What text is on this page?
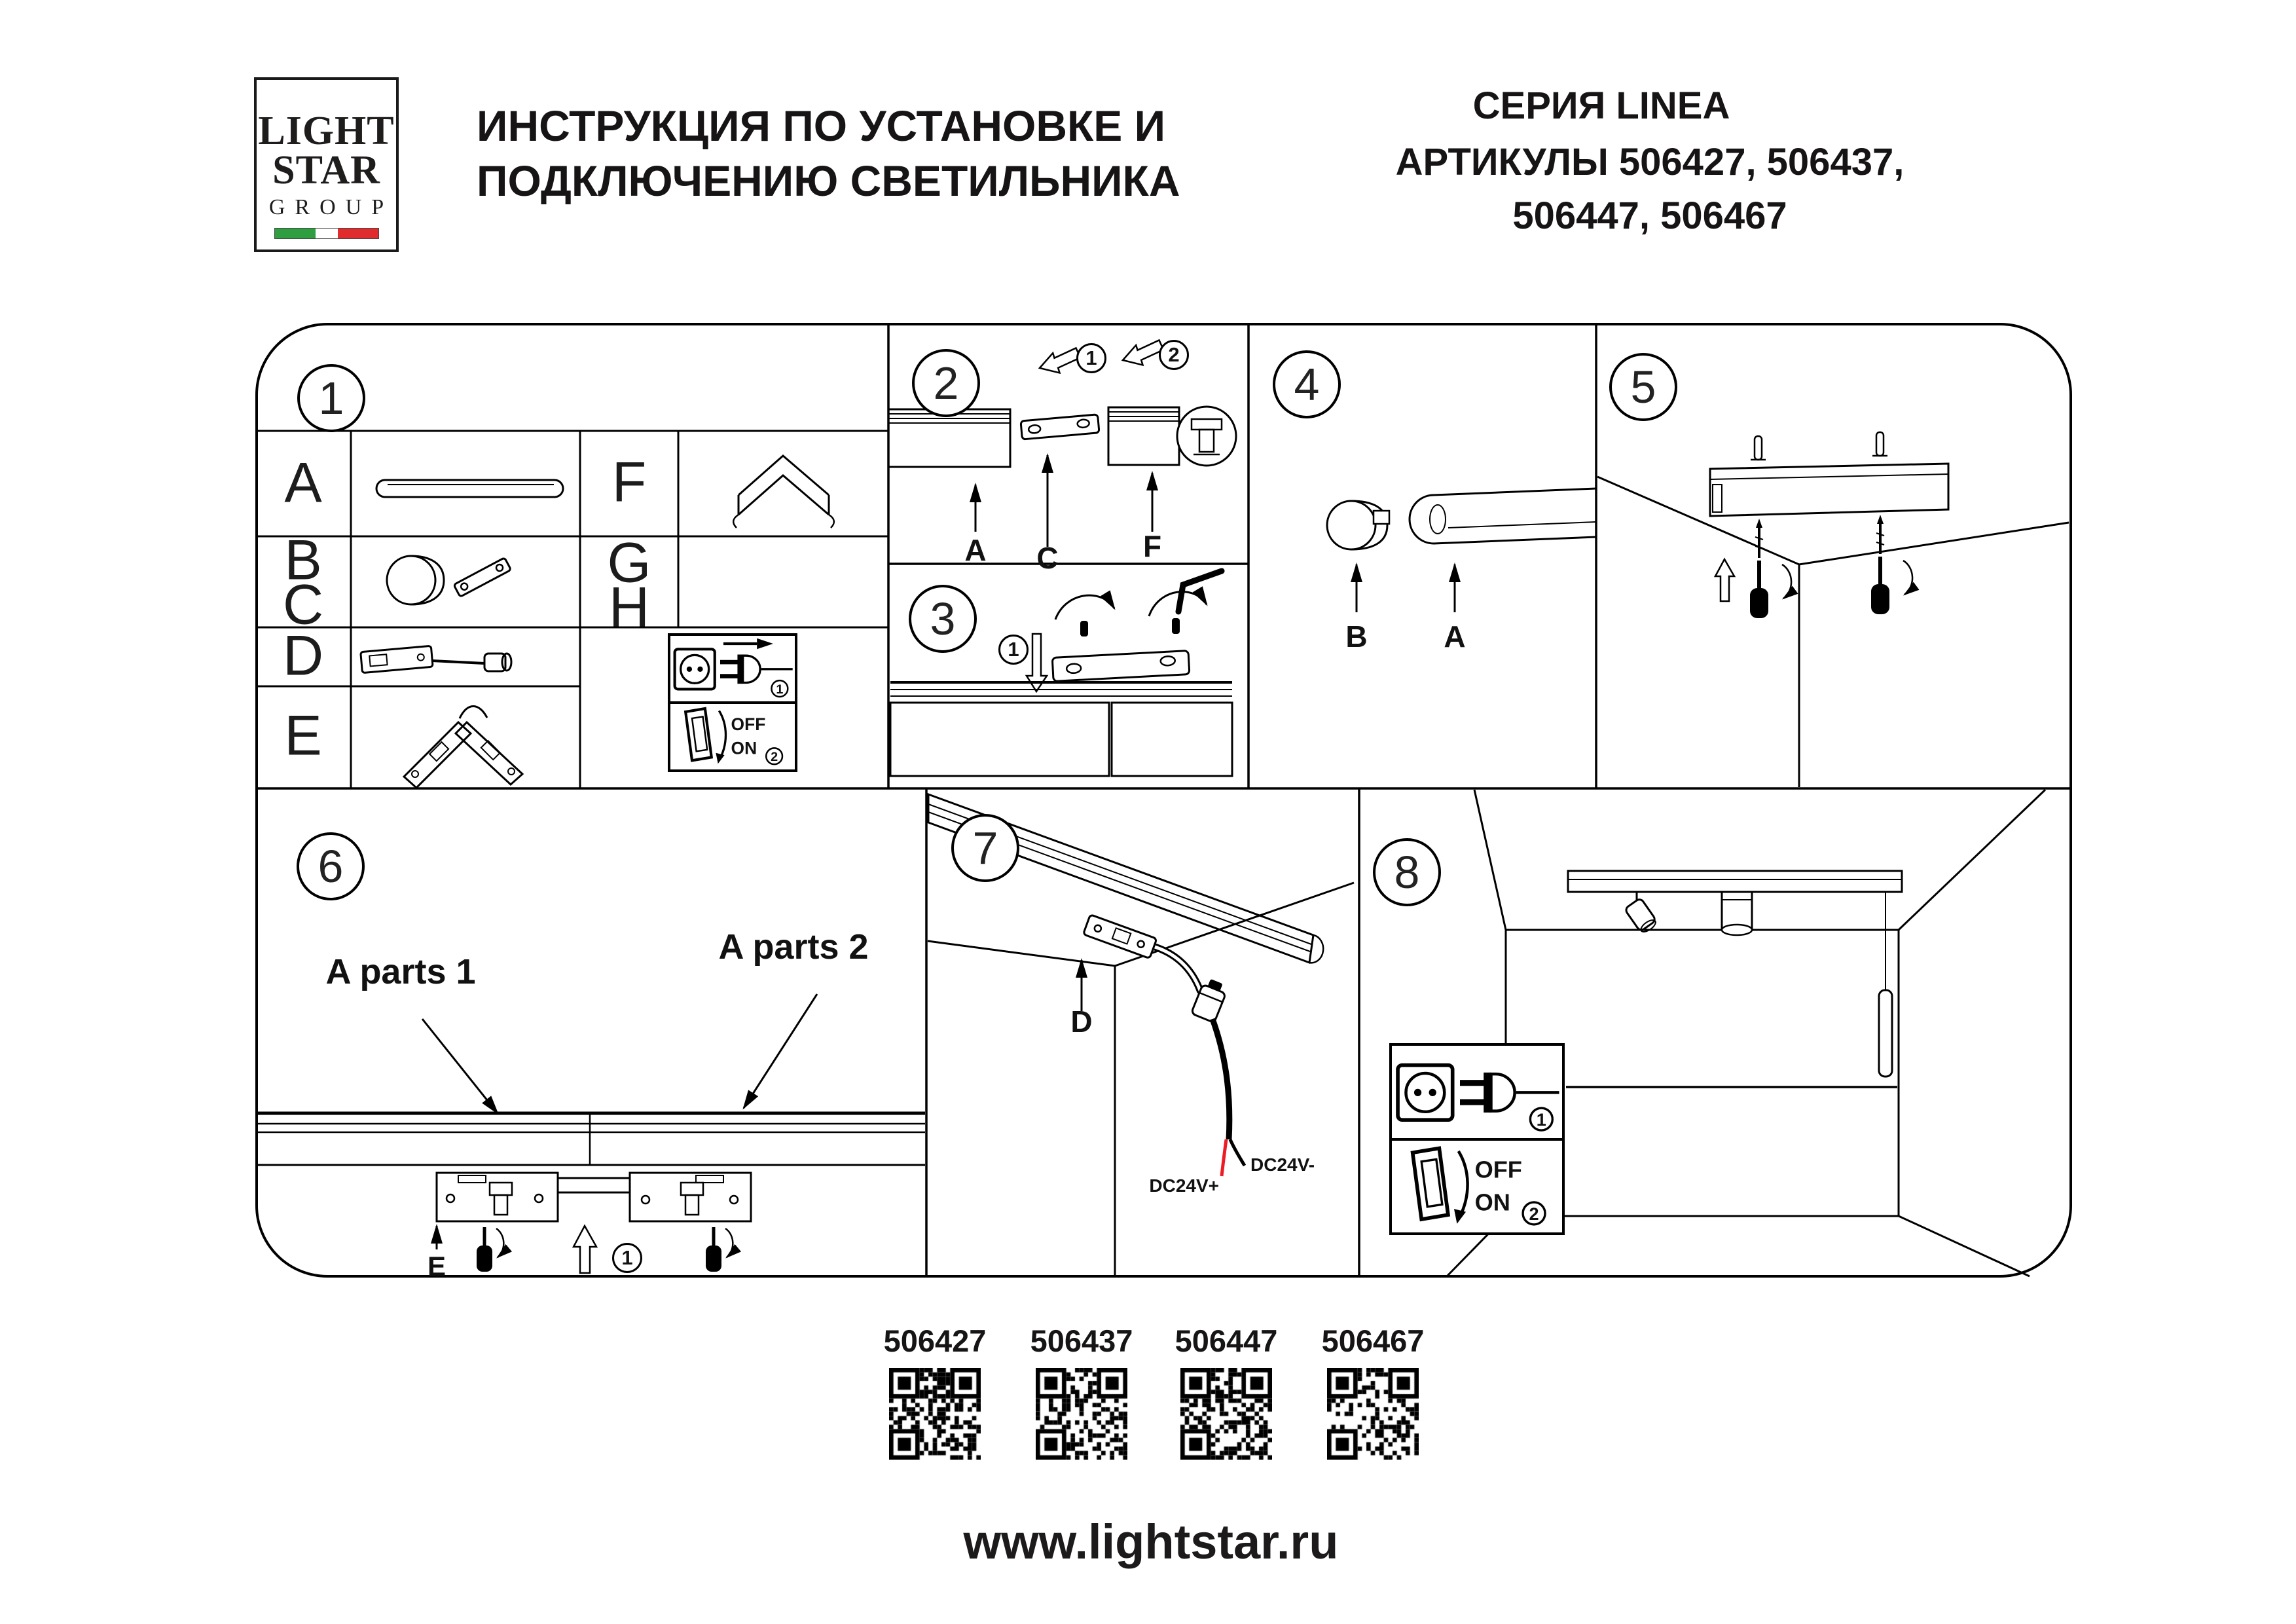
LIGHT
STAR
GROUP
ИНСТРУКЦИЯ ПО УСТАНОВКЕ И
ПОДКЛЮЧЕНИЮ СВЕТИЛЬНИКА
СЕРИЯ LINEA
АРТИКУЛЫ 506427, 506437,
506447, 506467
A C	F
B	A
A parts 1
A parts 2
E
DC24V-
DC24V+
D
1	2
3
4	5
6	7	8
1	2
1
1
A
B
C
D
E
F
G
H
1
OFF
ON 2
1
OFF
ON 2
506427 506437 506447 506467
www.lightstar.ru
